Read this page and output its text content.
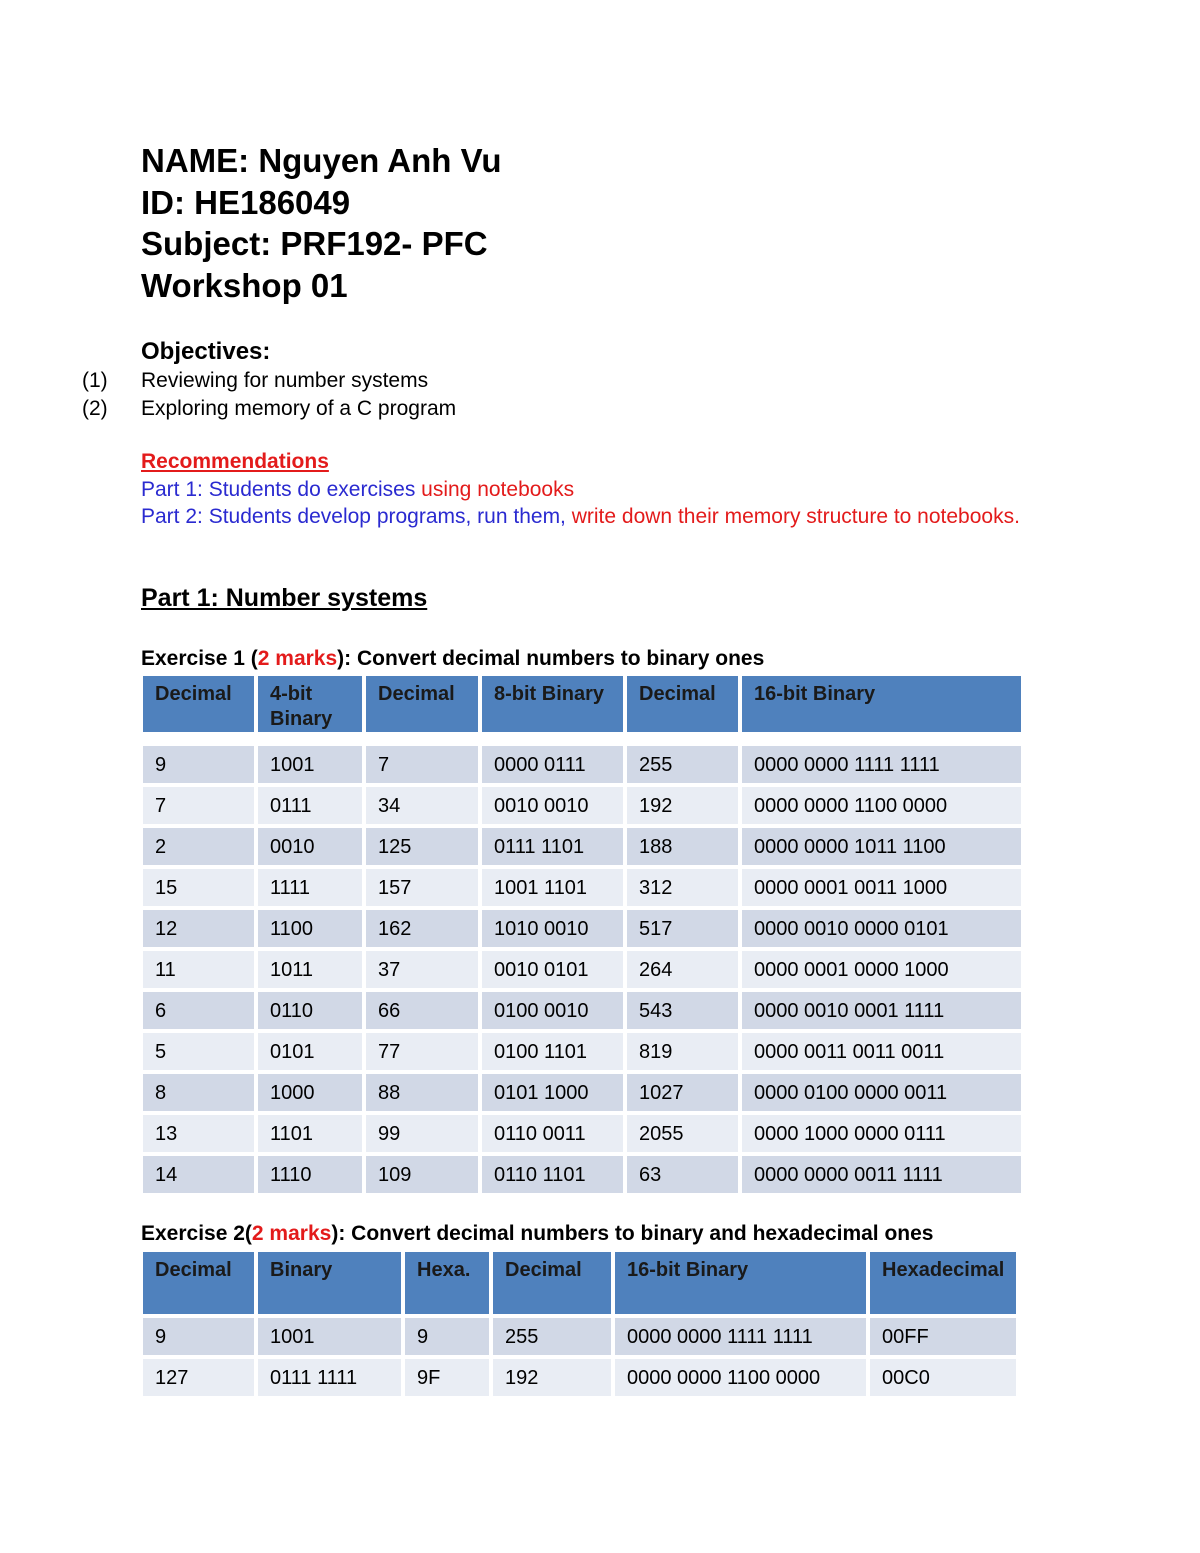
NAME: Nguyen Anh Vu
ID: HE186049
Subject: PRF192- PFC
Workshop 01
Objectives:
(1)	Reviewing for number systems
(2)	Exploring memory of a C program
Recommendations
Part 1: Students do exercises using notebooks
Part 2: Students develop programs, run them, write down their memory structure to notebooks.
Part 1: Number systems
Exercise 1 (2 marks): Convert decimal numbers to binary ones
Decimal	4-bit Binary	Decimal	8-bit Binary	Decimal	16-bit Binary

9	1001	7	0000 0111	255	0000 0000 1111 1111
7	0111	34	0010 0010	192	0000 0000 1100 0000
2	0010	125	0111 1101	188	0000 0000 1011 1100
15	1111	157	1001 1101	312	0000 0001 0011 1000
12	1100	162	1010 0010	517	0000 0010 0000 0101
11	1011	37	0010 0101	264	0000 0001 0000 1000
6	0110	66	0100 0010	543	0000 0010 0001 1111
5	0101	77	0100 1101	819	0000 0011 0011 0011
8	1000	88	0101 1000	1027	0000 0100 0000 0011
13	1101	99	0110 0011	2055	0000 1000 0000 0111
14	1110	109	0110 1101	63	0000 0000 0011 1111
Exercise 2(2 marks): Convert decimal numbers to binary and hexadecimal ones
Decimal	Binary	Hexa.	Decimal	16-bit Binary	Hexadecimal
9	1001	9	255	0000 0000 1111 1111	00FF
127	0111 1111	9F	192	0000 0000 1100 0000	00C0
